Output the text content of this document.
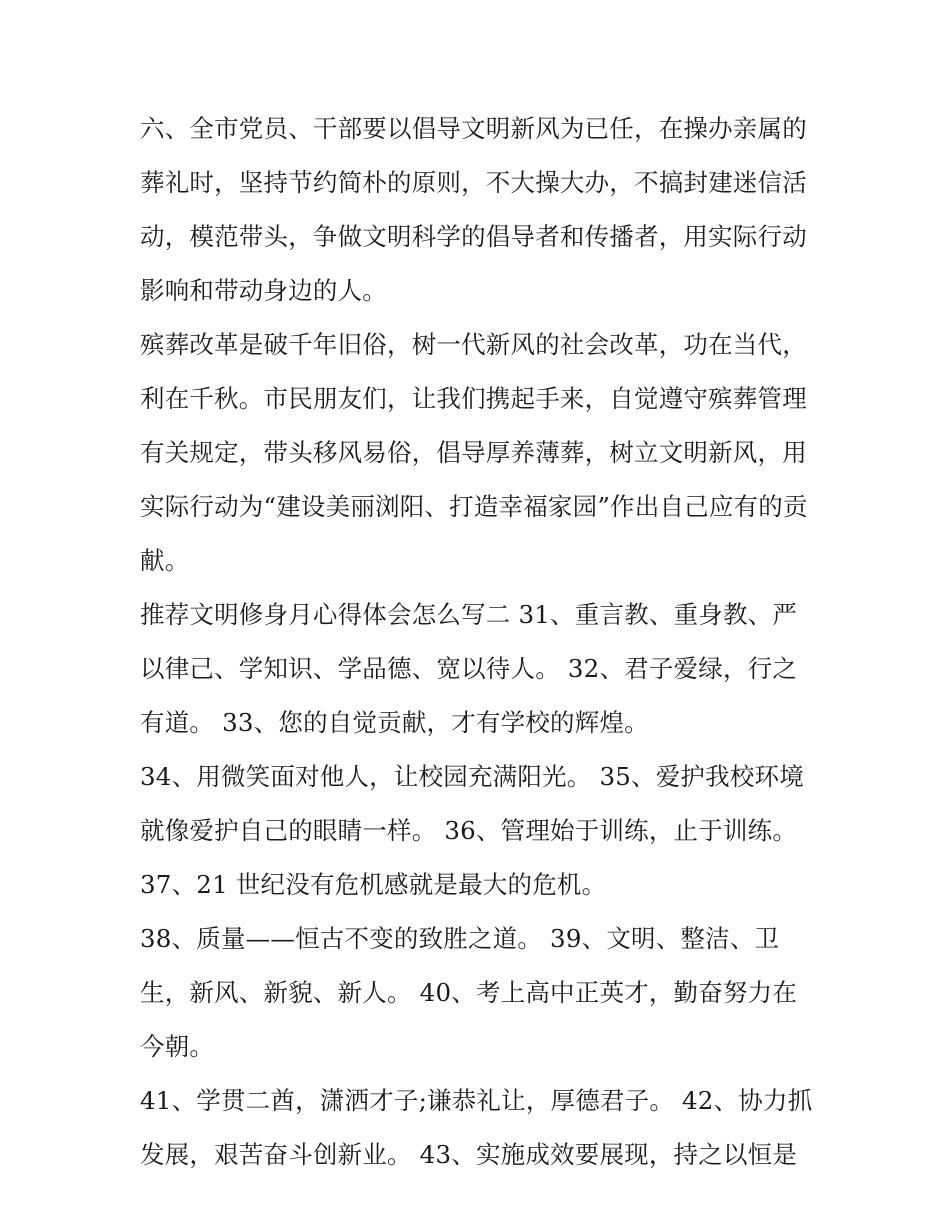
六、全市党员、干部要以倡导文明新风为已任，在操办亲属的
葬礼时，坚持节约简朴的原则，不大操大办，不搞封建迷信活
动，模范带头，争做文明科学的倡导者和传播者，用实际行动
影响和带动身边的人。
殡葬改革是破千年旧俗，树一代新风的社会改革，功在当代，
利在千秋。市民朋友们，让我们携起手来，自觉遵守殡葬管理
有关规定，带头移风易俗，倡导厚养薄葬，树立文明新风，用
实际行动为“建设美丽浏阳、打造幸福家园”作出自己应有的贡
献。
推荐文明修身月心得体会怎么写二 31、重言教、重身教、严
以律己、学知识、学品德、宽以待人。 32、君子爱绿，行之
有道。 33、您的自觉贡献，才有学校的辉煌。
34、用微笑面对他人，让校园充满阳光。 35、爱护我校环境
就像爱护自己的眼睛一样。 36、管理始于训练，止于训练。
37、21 世纪没有危机感就是最大的危机。
38、质量——恒古不变的致胜之道。 39、文明、整洁、卫
生，新风、新貌、新人。 40、考上高中正英才，勤奋努力在
今朝。
41、学贯二酋，潇洒才子;谦恭礼让，厚德君子。 42、协力抓
发展，艰苦奋斗创新业。 43、实施成效要展现，持之以恒是
